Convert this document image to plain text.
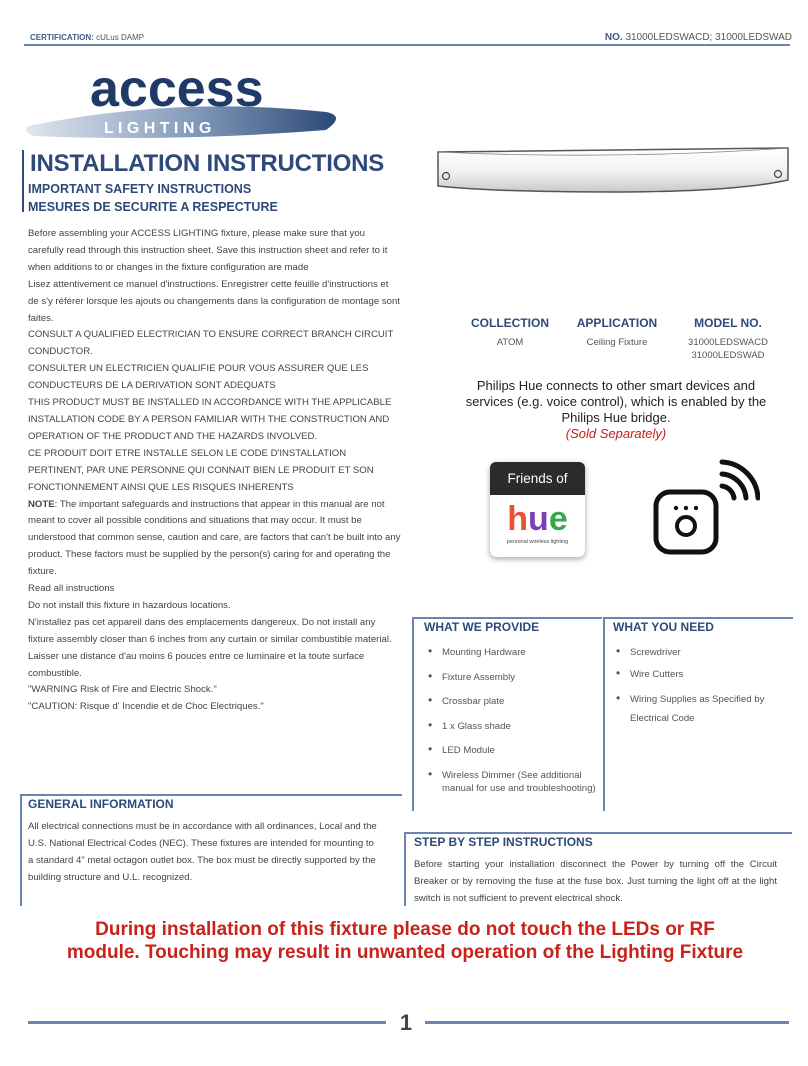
CERTIFICATION: cULus DAMP	NO. 31000LEDSWACD; 31000LEDSWAD
access
L I G H T I N G
INSTALLATION INSTRUCTIONS
IMPORTANT SAFETY INSTRUCTIONS
MESURES DE SECURITE A RESPECTURE

Before assembling your ACCESS LIGHTING fixture, please make sure that you carefully read through this instruction sheet. Save this instruction sheet and refer to it when additions to or changes in the fixture configuration are made

Lisez attentivement ce manuel d'instructions. Enregistrer cette feuille d'instructions et de s'y référer lorsque les ajouts ou changements dans la configuration de montage sont faites.

CONSULT A QUALIFIED ELECTRICIAN TO ENSURE CORRECT BRANCH CIRCUIT CONDUCTOR.

CONSULTER UN ELECTRICIEN QUALIFIE POUR VOUS ASSURER QUE LES CONDUCTEURS DE LA DERIVATION SONT ADEQUATS

THIS PRODUCT MUST BE INSTALLED IN ACCORDANCE WITH THE APPLICABLE INSTALLATION CODE BY A PERSON FAMILIAR WITH THE CONSTRUCTION AND OPERATION OF THE PRODUCT AND THE HAZARDS INVOLVED.

CE PRODUIT DOIT ETRE INSTALLE SELON LE CODE D'INSTALLATION PERTINENT, PAR UNE PERSONNE QUI CONNAIT BIEN LE PRODUIT ET SON FONCTIONNEMENT AINSI QUE LES RISQUES INHERENTS

NOTE: The important safeguards and instructions that appear in this manual are not meant to cover all possible conditions and situations that may occur. It must be understood that common sense, caution and care, are factors that can't be built into any product. These factors must be supplied by the person(s) caring for and operating the fixture.

Read all instructions

Do not install this fixture in hazardous locations.

N'installez pas cet appareil dans des emplacements dangereux. Do not install any fixture assembly closer than 6 inches from any curtain or similar combustible material.

Laisser une distance d'au moins 6 pouces entre ce luminaire et la toute surface combustible.

"WARNING Risk of Fire and Electric Shock."

"CAUTION: Risque d' Incendie et de Choc Electriques."

COLLECTION
ATOM
APPLICATION
Ceiling Fixture
MODEL NO.
31000LEDSWACD
31000LEDSWAD
Philips Hue connects to other smart devices and services (e.g. voice control), which is enabled by the Philips Hue bridge.
(Sold Separately)
Friends of
hue
personal wireless lighting
WHAT WE PROVIDE
• Mounting Hardware
• Fixture Assembly
• Crossbar plate
• 1 x Glass shade
• LED Module
• Wireless Dimmer (See additional manual for use and troubleshooting)
WHAT YOU NEED
• Screwdriver
• Wire Cutters
• Wiring Supplies as Specified by Electrical Code
GENERAL INFORMATION
All electrical connections must be in accordance with all ordinances, Local and the U.S. National Electrical Codes (NEC). These fixtures are intended for mounting to a standard 4" metal octagon outlet box. The box must be directly supported by the building structure and U.L. recognized.
STEP BY STEP INSTRUCTIONS
Before starting your installation disconnect the Power by turning off the Circuit Breaker or by removing the fuse at the fuse box. Just turning the light off at the light switch is not sufficient to prevent electrical shock.
During installation of this fixture please do not touch the LEDs or RF module. Touching may result in unwanted operation of the Lighting Fixture
1
